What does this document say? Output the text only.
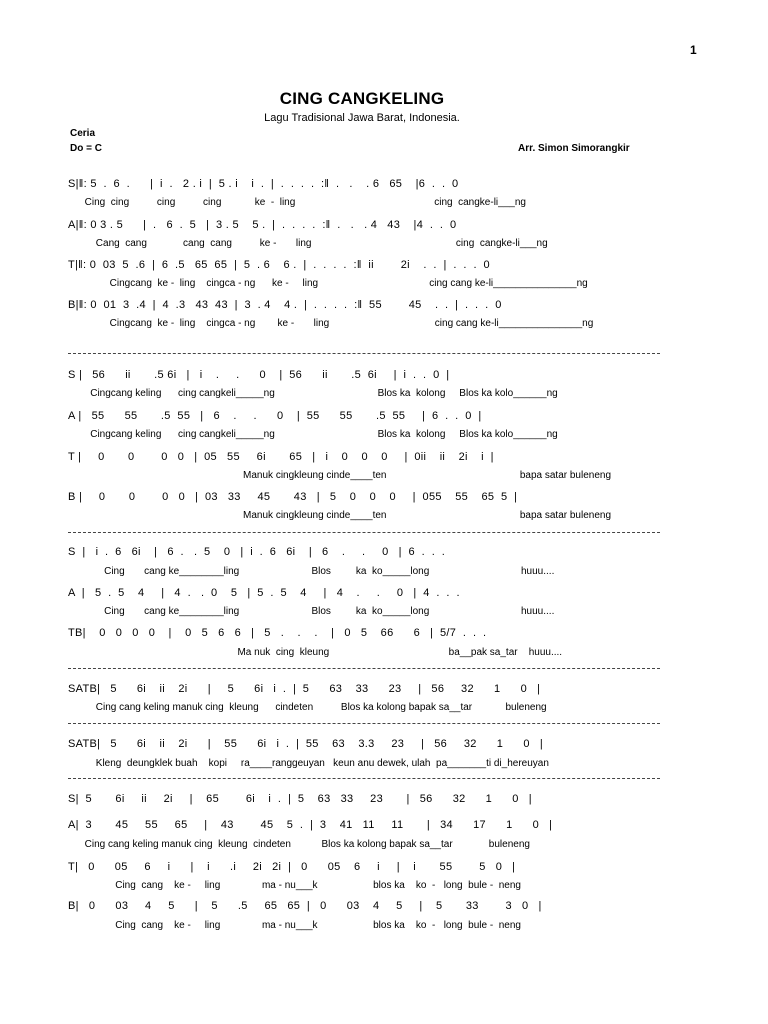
1
CING CANGKELING
Lagu Tradisional Jawa Barat, Indonesia.
Ceria
Do = C	Arr. Simon Simorangkir
S|‖: 5  .  6  .      |  i  .   2 . i  |  5 . i    i  .  |  .  .  .  .  :‖  .   .    . 6   65    |6  .  .  0
Cing  cing          cing          cing            ke  -  ling                                                  cing  cangke-li___ng
A|‖: 0 3 . 5      |  .   6  .  5   |  3 . 5    5 .  |  .  .  .  .  :‖  .   .   . 4   43    |4  .  .  0
Cang  cang             cang  cang          ke -       ling                                                    cing  cangke-li___ng
T|‖: 0  03  5  .6  |  6  .5   65  65  |  5  . 6    6 .  |  .  .  .  .  :‖  ii        2i    .  .  |  .  .  .  0
Cingcang  ke -  ling    cingca - ng      ke -     ling                                        cing cang ke-li_______________ng
B|‖: 0  01  3  .4  |  4  .3   43  43  |  3  . 4    4 .  |  .  .  .  .  :‖  55        45    .  .  |  .  .  .  0
Cingcang  ke -  ling    cingca - ng        ke -       ling                                      cing cang ke-li_______________ng
S |   56      ii       .5 6i   |   i    .     .      0    |  56      ii       .5  6i     |  i  .  .  0  |
Cingcang keling      cing cangkeli_____ng                                     Blos ka  kolong     Blos ka kolo______ng
A |   55      55       .5  55   |   6    .     .      0    |  55      55       .5  55     |  6  .  .  0  |
Cingcang keling      cing cangkeli_____ng                                     Blos ka  kolong     Blos ka kolo______ng
T |     0       0        0   0   |  05   55     6i       65   |   i    0    0    0     |  0ii    ii    2i    i  |
Manuk cingkleung cinde____ten                                                bapa satar buleneng
B |     0       0        0   0   |  03   33     45       43   |   5    0    0    0     |  055    55    65  5  |
Manuk cingkleung cinde____ten                                                bapa satar buleneng
S  |   i  .  6   6i    |   6  .   .  5    0   |  i  .  6   6i    |   6    .     .     0   |  6  .  .  .
Cing       cang ke________ling                          Blos         ka  ko_____long                                 huuu....
A  |   5  .  5    4     |   4  .   .  0    5   |  5  .  5    4     |   4    .     .     0   |  4  .  .  .
Cing       cang ke________ling                          Blos         ka  ko_____long                                 huuu....
TB|    0   0   0   0    |    0   5   6   6   |   5   .    .    .    |   0   5    66      6   |  5/7  .  .  .
Ma nuk  cing  kleung                                           ba__pak sa_tar    huuu....
SATB|   5      6i    ii    2i      |     5      6i   i  .  |  5      63    33      23     |   56     32      1      0   |
Cing cang keling manuk cing  kleung      cindeten          Blos ka kolong bapak sa__tar            buleneng
SATB|   5      6i    ii    2i      |    55      6i   i  .  |  55    63    3.3     23     |   56     32      1      0   |
Kleng  deungklek buah    kopi     ra____ranggeuyan   keun anu dewek, ulah  pa_______ti di_hereuyan
S|  5       6i     ii     2i     |    65        6i    i  .  |  5    63   33     23       |   56      32      1      0   |
A|  3       45     55     65     |    43        45    5  .  |  3    41   11     11       |   34      17      1      0   |
Cing cang keling manuk cing  kleung  cindeten           Blos ka kolong bapak sa__tar             buleneng
T|   0      05     6     i      |    i      .i     2i   2i  |   0      05    6     i     |    i       55        5   0   |
Cing  cang    ke -     ling               ma - nu___k                    blos ka    ko  -   long  bule -  neng
B|   0      03     4     5      |    5      .5     65   65  |   0      03    4     5     |    5       33        3   0   |
Cing  cang    ke -     ling               ma - nu___k                    blos ka    ko  -   long  bule -  neng
